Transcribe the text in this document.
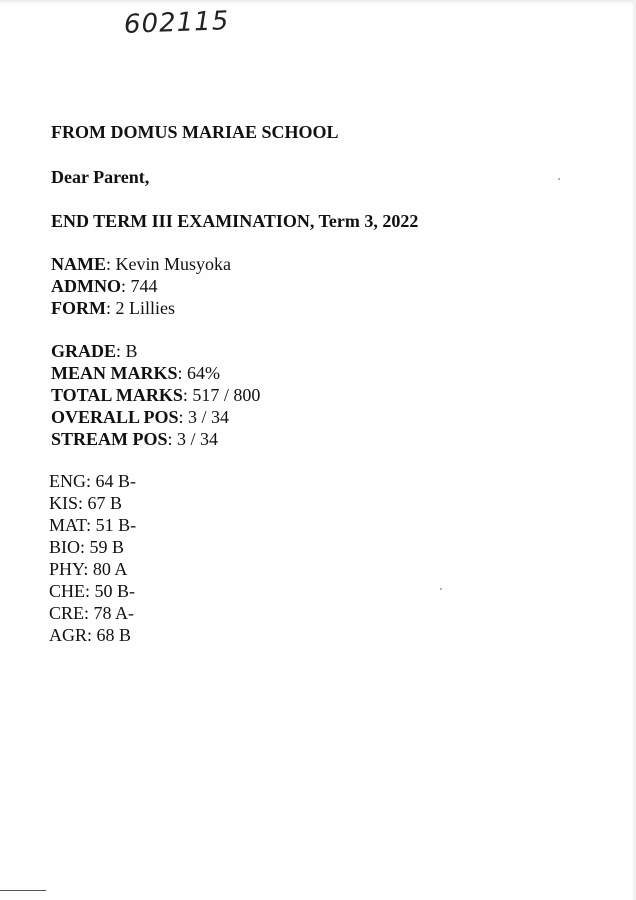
602115
FROM DOMUS MARIAE SCHOOL
Dear Parent,
END TERM III EXAMINATION, Term 3, 2022
NAME: Kevin Musyoka
ADMNO: 744
FORM: 2 Lillies
GRADE: B
MEAN MARKS: 64%
TOTAL MARKS: 517 / 800
OVERALL POS: 3 / 34
STREAM POS: 3 / 34
ENG: 64 B-
KIS: 67 B
MAT: 51 B-
BIO: 59 B
PHY: 80 A
CHE: 50 B-
CRE: 78 A-
AGR: 68 B
